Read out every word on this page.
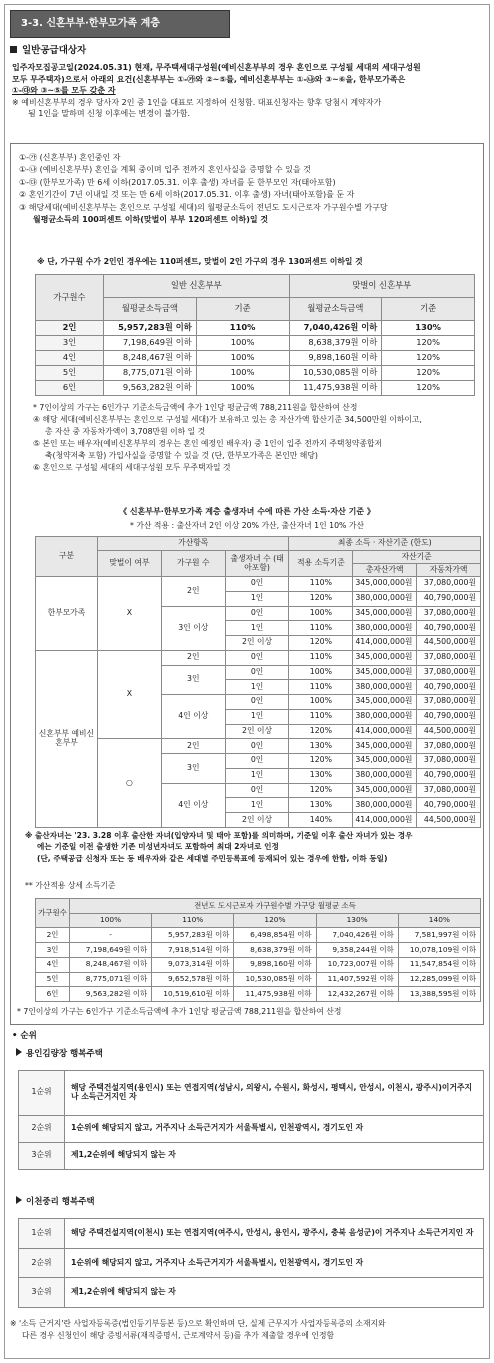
3-3. 신혼부부·한부모가족 계층
일반공급대상자
입주자모집공고일(2024.05.31) 현재, 무주택세대구성원(예비신혼부부의 경우 혼인으로 구성될 세대의 세대구성원
모두 무주택자)으로서 아래의 요건(신혼부부는 ①-㉮와 ②~⑤를, 예비신혼부부는 ①-㉯와 ③~⑥을, 한부모가족은
①-㉰와 ③~⑤를 모두 갖춘 자
※ 예비신혼부부의 경우 당사자 2인 중 1인을 대표로 지정하여 신청함. 대표신청자는 향후 당첨시 계약자가
됨 1인을 말하며 신청 이후에는 변경이 불가함.
①-㉮ (신혼부부) 혼인중인 자
①-㉯ (예비신혼부부) 혼인을 계획 중이며 입주 전까지 혼인사실을 증명할 수 있을 것
①-㉰ (한부모가족) 만 6세 이하(2017.05.31. 이후 출생) 자녀를 둔 한부모인 자(태아포함)
② 혼인기간이 7년 이내일 것 또는 만 6세 이하(2017.05.31. 이후 출생) 자녀(태아포함)를 둔 자
③ 해당세대(예비신혼부부는 혼인으로 구성될 세대)의 월평균소득이 전년도 도시근로자 가구원수별 가구당
월평균소득의 100퍼센트 이하(맞벌이 부부 120퍼센트 이하)일 것
※ 단, 가구원 수가 2인인 경우에는 110퍼센트, 맞벌이 2인 가구의 경우 130퍼센트 이하일 것
가구원수	일반 신혼부부		맞벌이 신혼부부	
	월평균소득금액	기준	월평균소득금액	기준
2인	5,957,283원 이하	110%	7,040,426원 이하	130%
3인	7,198,649원 이하	100%	8,638,379원 이하	120%
4인	8,248,467원 이하	100%	9,898,160원 이하	120%
5인	8,775,071원 이하	100%	10,530,085원 이하	120%
6인	9,563,282원 이하	100%	11,475,938원 이하	120%
* 7인이상의 가구는 6인가구 기준소득금액에 추가 1인당 평균금액 788,211원을 합산하여 산정
④ 해당 세대(예비신혼부부는 혼인으로 구성될 세대)가 보유하고 있는 총 자산가액 합산기준 34,500만원 이하이고,
총 자산 중 자동차가액이 3,708만원 이하 일 것
⑤ 본인 또는 배우자(예비신혼부부의 경우는 혼인 예정인 배우자) 중 1인이 입주 전까지 주택청약종합저
축(청약저축 포함) 가입사실을 증명할 수 있을 것 (단, 한부모가족은 본인만 해당)
⑥ 혼인으로 구성될 세대의 세대구성원 모두 무주택자일 것
《 신혼부부·한부모가족 계층 출생자녀 수에 따른 가산 소득·자산 기준 》
* 가산 적용 : 출산자녀 2인 이상 20% 가산, 출산자녀 1인 10% 가산
구분	가산항목			최종 소득 · 자산기준 (한도)		
	맞벌이 여부	가구원 수	출생자녀 수 (태아포함)	적용 소득기준	자산기준	
					총자산가액	자동차가액
한부모가족	X	2인	0인	110%	345,000,000원	37,080,000원
			1인	120%	380,000,000원	40,790,000원
		3인 이상	0인	100%	345,000,000원	37,080,000원
			1인	110%	380,000,000원	40,790,000원
			2인 이상	120%	414,000,000원	44,500,000원
신혼부부 예비신혼부부	X	2인	0인	110%	345,000,000원	37,080,000원
		3인	0인	100%	345,000,000원	37,080,000원
			1인	110%	380,000,000원	40,790,000원
		4인 이상	0인	100%	345,000,000원	37,080,000원
			1인	110%	380,000,000원	40,790,000원
			2인 이상	120%	414,000,000원	44,500,000원
	○	2인	0인	130%	345,000,000원	37,080,000원
		3인	0인	120%	345,000,000원	37,080,000원
			1인	130%	380,000,000원	40,790,000원
		4인 이상	0인	120%	345,000,000원	37,080,000원
			1인	130%	380,000,000원	40,790,000원
			2인 이상	140%	414,000,000원	44,500,000원
※ 출산자녀는 '23. 3.28 이후 출산한 자녀(입양자녀 및 태아 포함)를 의미하며, 기준일 이후 출산 자녀가 있는 경우
에는 기준일 이전 출생한 기존 미성년자녀도 포함하여 최대 2자녀로 인정
(단, 주택공급 신청자 또는 동 배우자와 같은 세대별 주민등록표에 등재되어 있는 경우에 한함, 이하 동일)
** 가산적용 상세 소득기준
가구원수	전년도 도시근로자 가구원수별 가구당 월평균 소득				
	100%	110%	120%	130%	140%
2인	-	5,957,283원 이하	6,498,854원 이하	7,040,426원 이하	7,581,997원 이하
3인	7,198,649원 이하	7,918,514원 이하	8,638,379원 이하	9,358,244원 이하	10,078,109원 이하
4인	8,248,467원 이하	9,073,314원 이하	9,898,160원 이하	10,723,007원 이하	11,547,854원 이하
5인	8,775,071원 이하	9,652,578원 이하	10,530,085원 이하	11,407,592원 이하	12,285,099원 이하
6인	9,563,282원 이하	10,519,610원 이하	11,475,938원 이하	12,432,267원 이하	13,388,595원 이하
* 7인이상의 가구는 6인가구 기준소득금액에 추가 1인당 평균금액 788,211원을 합산하여 산정
• 순위
용인김량장 행복주택
1순위	해당 주택건설지역(용인시) 또는 연접지역(성남시, 의왕시, 수원시, 화성시, 평택시, 안성시, 이천시, 광주시)이거주지나 소득근거지인 자
2순위	1순위에 해당되지 않고, 거주지나 소득근거지가 서울특별시, 인천광역시, 경기도인 자
3순위	제1,2순위에 해당되지 않는 자
이천중리 행복주택
1순위	해당 주택건설지역(이천시) 또는 연접지역(여주시, 안성시, 용인시, 광주시, 충북 음성군)이 거주지나 소득근거지인 자
2순위	1순위에 해당되지 않고, 거주지나 소득근거지가 서울특별시, 인천광역시, 경기도인 자
3순위	제1,2순위에 해당되지 않는 자
※ '소득 근거지'란 사업자등록증(법인등기부등본 등)으로 확인하며 단, 실제 근무지가 사업자등록증의 소재지와
다른 경우 신청인이 해당 증빙서류(재직증명서, 근로계약서 등)를 추가 제출할 경우에 인정함
